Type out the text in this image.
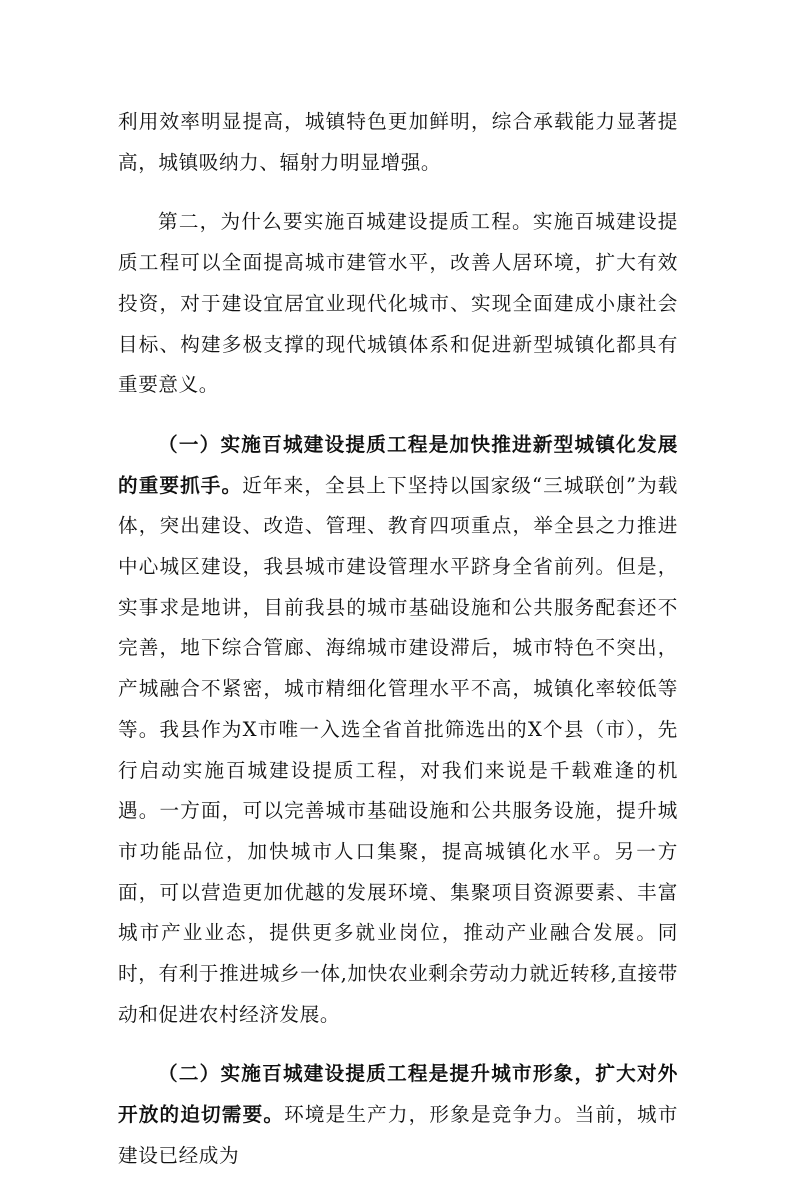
利用效率明显提高，城镇特色更加鲜明，综合承载能力显著提高，城镇吸纳力、辐射力明显增强。

第二，为什么要实施百城建设提质工程。实施百城建设提质工程可以全面提高城市建管水平，改善人居环境，扩大有效投资，对于建设宜居宜业现代化城市、实现全面建成小康社会目标、构建多极支撑的现代城镇体系和促进新型城镇化都具有重要意义。

（一）实施百城建设提质工程是加快推进新型城镇化发展的重要抓手。近年来，全县上下坚持以国家级“三城联创”为载体，突出建设、改造、管理、教育四项重点，举全县之力推进中心城区建设，我县城市建设管理水平跻身全省前列。但是，实事求是地讲，目前我县的城市基础设施和公共服务配套还不完善，地下综合管廊、海绵城市建设滞后，城市特色不突出，产城融合不紧密，城市精细化管理水平不高，城镇化率较低等等。我县作为X市唯一入选全省首批筛选出的X个县（市），先行启动实施百城建设提质工程，对我们来说是千载难逢的机遇。一方面，可以完善城市基础设施和公共服务设施，提升城市功能品位，加快城市人口集聚，提高城镇化水平。另一方面，可以营造更加优越的发展环境、集聚项目资源要素、丰富城市产业业态，提供更多就业岗位，推动产业融合发展。同时，有利于推进城乡一体,加快农业剩余劳动力就近转移,直接带动和促进农村经济发展。

（二）实施百城建设提质工程是提升城市形象，扩大对外开放的迫切需要。环境是生产力，形象是竞争力。当前，城市建设已经成为
